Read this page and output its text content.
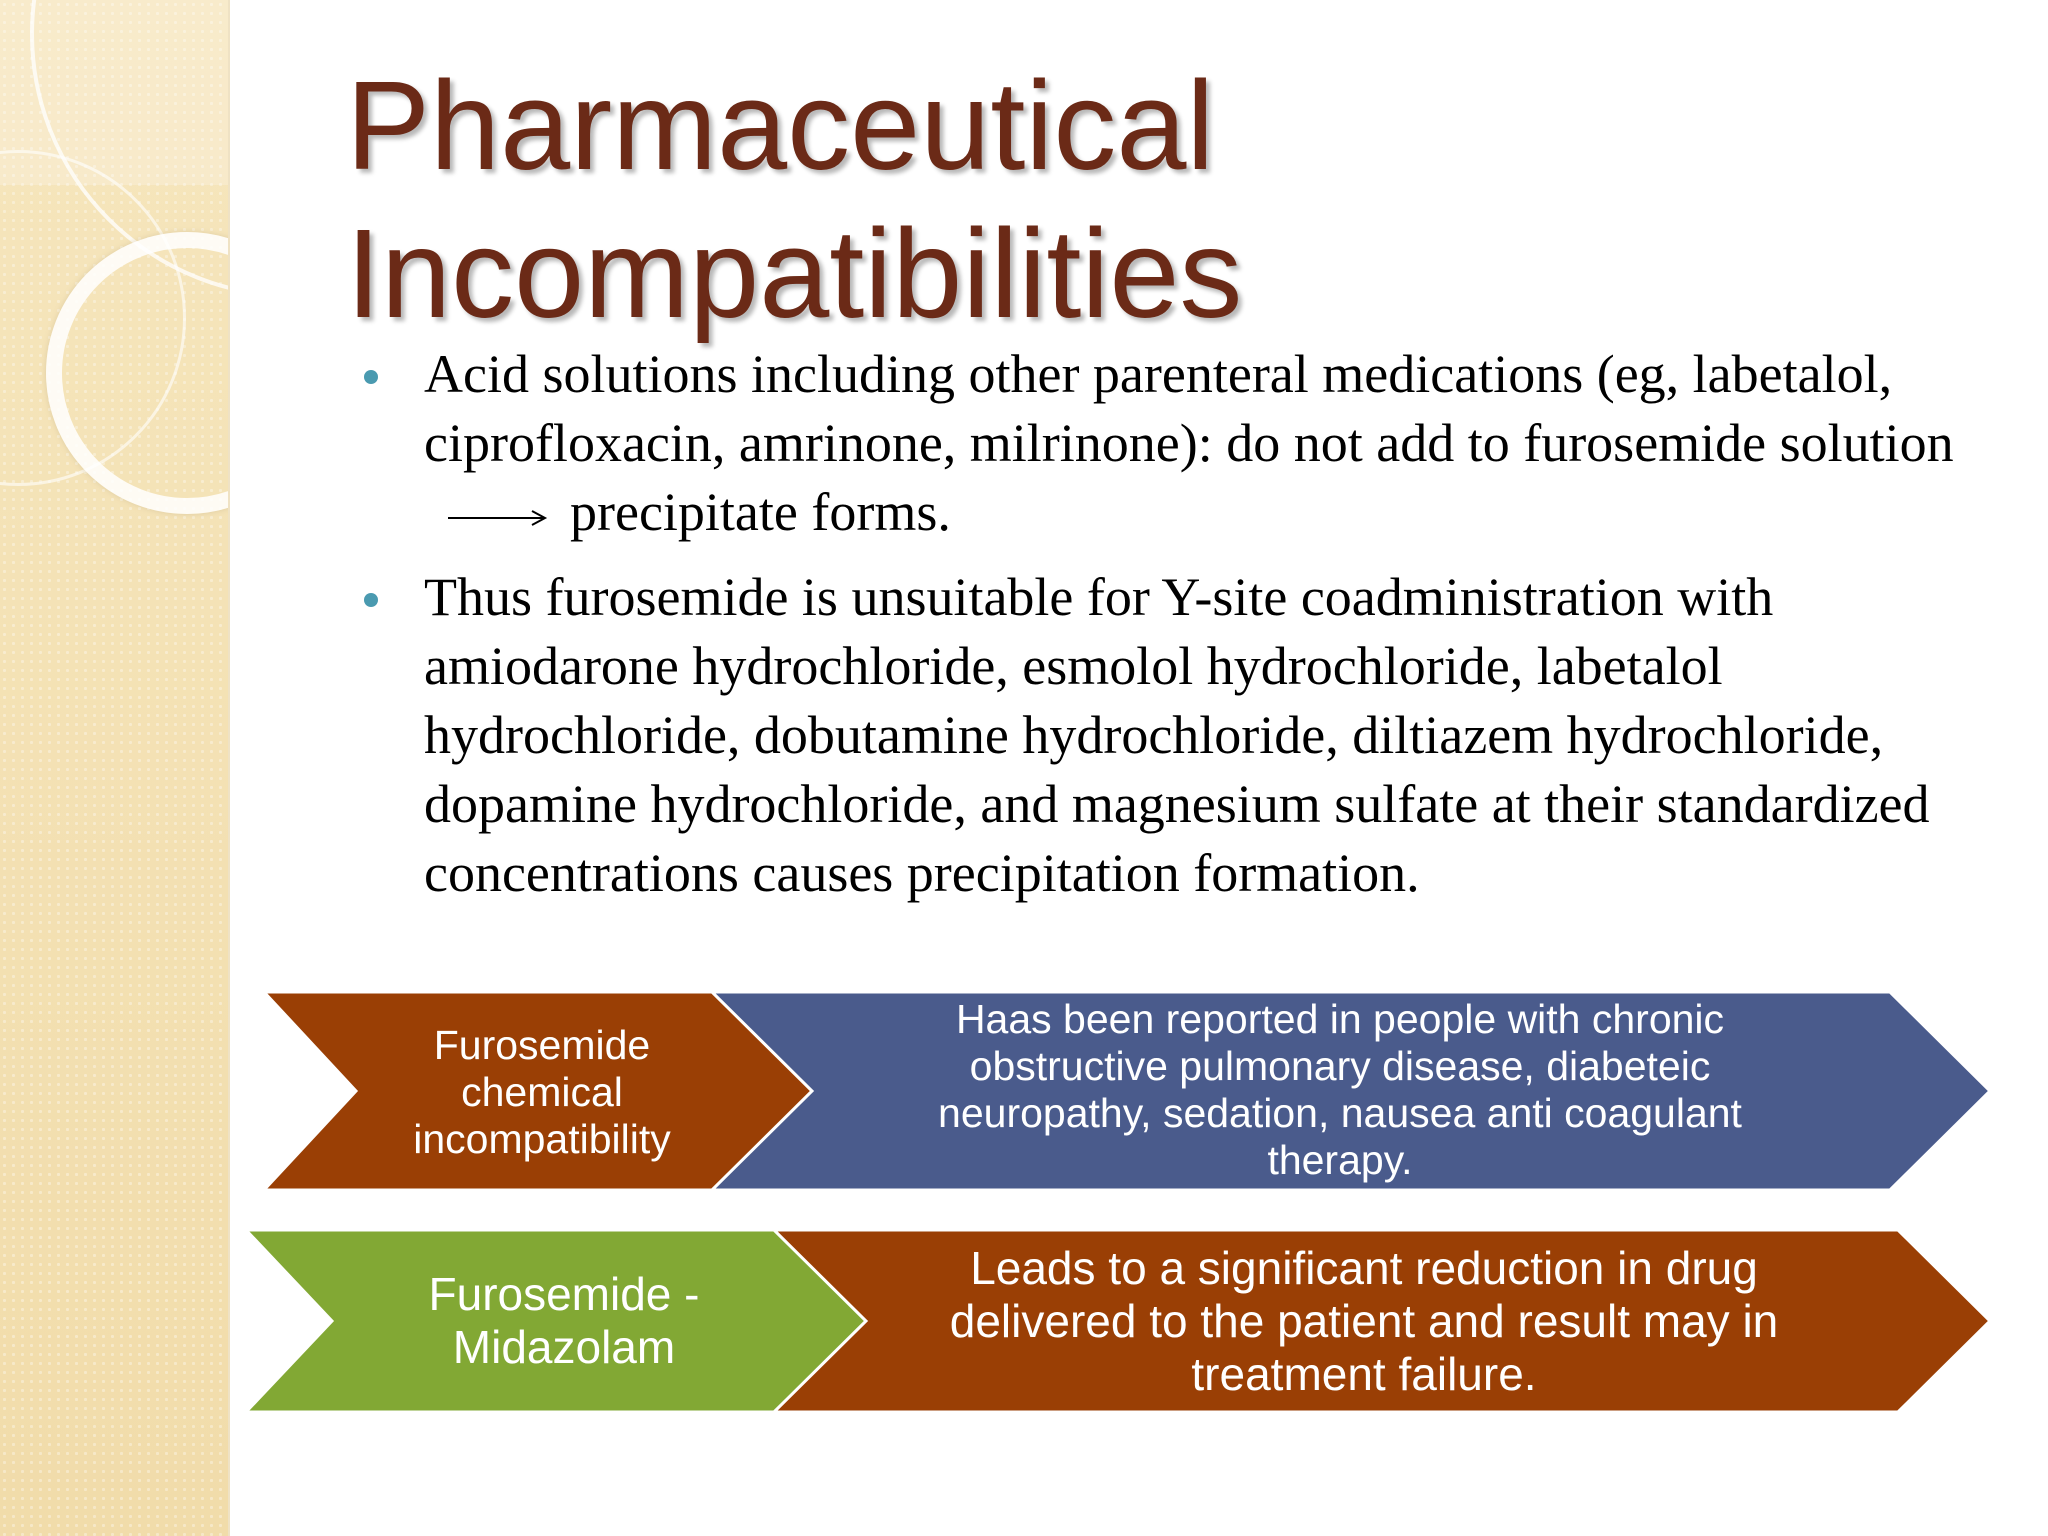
Pharmaceutical
Incompatibilities
Acid solutions including other parenteral medications (eg, labetalol, ciprofloxacin, amrinone, milrinone): do not add to furosemide solutionprecipitate forms.
Thus furosemide is unsuitable for Y-site coadministration with amiodarone hydrochloride, esmolol hydrochloride, labetalol hydrochloride, dobutamine hydrochloride, diltiazem hydrochloride, dopamine hydrochloride, and magnesium sulfate at their standardized concentrations causes precipitation formation.
Furosemide chemical incompatibility
Haas been reported in people with chronic obstructive pulmonary disease, diabeteic neuropathy, sedation, nausea anti coagulant therapy.
Furosemide - Midazolam
Leads to a significant reduction in drug delivered to the patient and result may in treatment failure.
